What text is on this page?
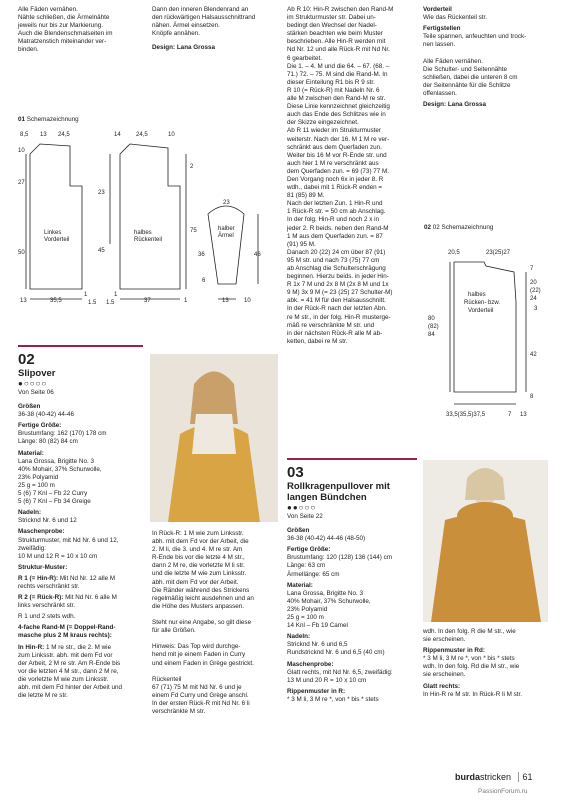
Alle Fäden vernähen.
Nähte schließen, die Ärmelnähte
jeweils nur bis zur Markierung.
Auch die Blendenschmalseiten im
Matratzenstich miteinander ver-
binden.

Dann den inneren Blendenrand an
den rückwärtigen Halsausschnittrand
nähen. Ärmel einsetzen.
Knöpfe annähen.

Design: Lana Grossa

01 Schemazeichnung

8,5 13 24,5	14	24,5	10
10
27
50
23
45
Linkes Vorderteil
halbes Rückenteil
2
75
36
23
halber Ärmel
46
6
13	35,5
1	1
1,5 1,5	37	1	13	10
02
Slipover
●○○○○

Von Seite 06

Größen
36-38 (40-42) 44-46

Fertige Größe:
Brustumfang: 162 (170) 178 cm
Länge: 80 (82) 84 cm

Material:
Lana Grossa, Brigitte No. 3
40% Mohair, 37% Schurwolle,
23% Polyamid
25 g = 100 m
5 (6) 7 Knl – Fb 22 Curry
5 (6) 7 Knl – Fb 34 Greige

Nadeln:
Stricknd Nr. 6 und 12

Maschenprobe:
Strukturmuster, mit Nd Nr. 6 und 12,
zweifädig:
10 M und 12 R = 10 x 10 cm

Struktur-Muster:

R 1 (= Hin-R): Mit Nd Nr. 12 alle M
rechts verschränkt str.

R 2 (= Rück-R): Mit Nd Nr. 6 alle M
links verschränkt str.

R 1 und 2 stets wdh.

4-fache Rand-M (= Doppel-Rand-
masche plus 2 M kraus rechts):

In Hin-R: 1 M re str., die 2. M wie
zum Linksstr. abh. mit dem Fd vor
der Arbeit, 2 M re str. Am R-Ende bis
vor die letzten 4 M str., dann 2 M re,
die vorletzte M wie zum Linksstr.
abh. mit dem Fd hinter der Arbeit und
die letzte M re str.

In Rück-R: 1 M wie zum Linksstr.
abh. mit dem Fd vor der Arbeit, die
2. M li, die 3. und 4. M re str. Am
R-Ende bis vor die letzte 4 M str.,
dann 2 M re, die vorletzte M li str.
und die letzte M wie zum Linksstr.
abh. mit dem Fd vor der Arbeit.
Die Ränder während des Strickens
regelmäßig leicht ausdehnen und an
die Höhe des Musters anpassen.

Steht nur eine Angabe, so gilt diese
für alle Größen.

Hinweis: Das Top wird durchge-
hend mit je einem Faden in Curry
und einem Faden in Grège gestrickt.

Rückenteil
67 (71) 75 M mit Nd Nr. 6 und je
einem Fd Curry und Grège anschl.
In der ersten Rück-R mit Nd Nr. 6 li
verschränkte M str.

Ab R 10: Hin-R zwischen den Rand-M
im Strukturmuster str. Dabei un-
bedingt den Wechsel der Nadel-
stärken beachten wie beim Muster
beschrieben. Alle Hin-R werden mit
Nd Nr. 12 und alle Rück-R mit Nd Nr.
6 gearbeitet.
Die 1. – 4. M und die 64. – 67. (68. –
71.) 72. – 75. M sind die Rand-M. In
dieser Einteilung R1 bis R 9 str.
R 10 (= Rück-R) mit Nadeln Nr. 6
alle M zwischen den Rand-M re str.
Diese Linie kennzeichnet gleichzeitig
auch das Ende des Schlitzes wie in
der Skizze eingezeichnet.
Ab R 11 wieder im Strukturmuster
weiterstr. Nach der 16. M 1 M re ver-
schränkt aus dem Querfaden zun.
Weiter bis 16 M vor R-Ende str. und
auch hier 1 M re verschränkt aus
dem Querfaden zun. = 69 (73) 77 M.
Den Vorgang noch 6x in jeder 8. R
wdh., dabei mit 1 Rück-R enden =
81 (85) 89 M.
Nach der letzten Zun. 1 Hin-R und
1 Rück-R str. = 50 cm ab Anschlag.
In der folg. Hin-R und noch 2 x in
jeder 2. R beids. neben den Rand-M
1 M aus dem Querfaden zun. = 87
(91) 95 M.
Danach 20 (22) 24 cm über 87 (91)
95 M str. und nach 73 (75) 77 cm
ab Anschlag die Schulterschrägung
beginnen. Hierzu beids. in jeder Hin-
R 1x 7 M und 2x 8 M (2x 8 M und 1x
9 M) 3x 9 M (= 23 (25) 27 Schulter-M)
abk. = 41 M für den Halsausschnitt.
In der Rück-R nach der letzten Abn.
re M str., in der folg. Hin-R musterge-
mäß re verschränkte M str. und
in der nächsten Rück-R alle M ab-
ketten, dabei re M str.

Vorderteil
Wie das Rückenteil str.

Fertigstellen
Teile spannen, anfeuchten und trock-
nen lassen.

Alle Fäden vernähen.
Die Schulter- und Seitennähte
schließen, dabei die unteren 8 cm
der Seitennähte für die Schlitze
offenlassen.

Design: Lana Grossa

02 02 Schemazeichnung

20,5	23(25)27
7
20
(22)
24
3
42
8
80
(82)
84
halbes
Rücken- bzw.
Vorderteil
33,5(35,5)37,5	7 13
03
Rollkragenpullover mit
langen Bündchen
●●○○○

Von Seite 22

Größen
36-38 (40-42) 44-46 (48-50)

Fertige Größe:
Brustumfang: 120 (128) 136 (144) cm
Länge: 63 cm
Ärmellänge: 65 cm

Material:
Lana Grossa, Brigitte No. 3
40% Mohair, 37% Schurwolle,
23% Polyamid
25 g = 100 m
14 Knl – Fb 19 Camel

Nadeln:
Stricknd Nr. 6 und 6,5
Rundstricknd Nr. 6 und 6,5 (40 cm)

Maschenprobe:
Glatt rechts, mit Nd Nr. 6,5, zweifädig:
13 M und 20 R = 10 x 10 cm

Rippenmuster in R:
* 3 M li, 3 M re *, von * bis * stets

wdh. In den folg. R die M str., wie
sie erscheinen.

Rippenmuster in Rd:
* 3 M li, 3 M re *, von * bis * stets
wdh. In den folg. Rd die M str., wie
sie erscheinen.

Glatt rechts:
In Hin-R re M str. In Rück-R li M str.

burdastricken 61
PassionForum.ru
